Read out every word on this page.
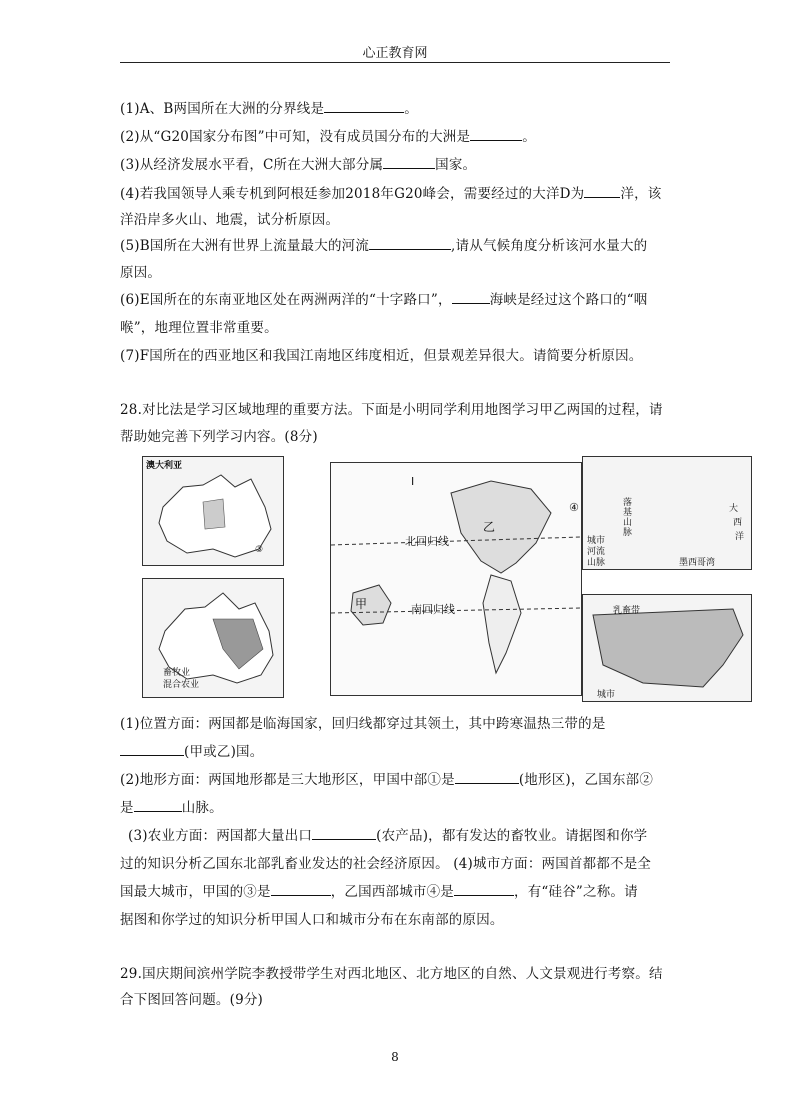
心正教育网
(1)A、B两国所在大洲的分界线是	。
(2)从“G20国家分布图”中可知，没有成员国分布的大洲是	。
(3)从经济发展水平看，C所在大洲大部分属	国家。
(4)若我国领导人乘专机到阿根廷参加2018年G20峰会，需要经过的大洋D为	洋，该
洋沿岸多火山、地震，试分析原因。
(5)B国所在大洲有世界上流量最大的河流	,请从气候角度分析该河水量大的
原因。
(6)E国所在的东南亚地区处在两洲两洋的“十字路口”，	海峡是经过这个路口的“咽
喉”，地理位置非常重要。
(7)F国所在的西亚地区和我国江南地区纬度相近，但景观差异很大。请简要分析原因。
28.对比法是学习区域地理的重要方法。下面是小明同学利用地图学习甲乙两国的过程，请
帮助她完善下列学习内容。(8分)
澳大利亚
③
畜牧业
混合农业
北回归线
南回归线
甲
乙
I
④	落
基
山
脉
大
西
洋
墨西哥湾
城市
河流
山脉
乳畜带
城市
(1)位置方面：两国都是临海国家，回归线都穿过其领土，其中跨寒温热三带的是
(甲或乙)国。
(2)地形方面：两国地形都是三大地形区，甲国中部①是	(地形区)，乙国东部②
是	山脉。
(3)农业方面：两国都大量出口	(农产品)，都有发达的畜牧业。请据图和你学
过的知识分析乙国东北部乳畜业发达的社会经济原因。 (4)城市方面：两国首都都不是全
国最大城市，甲国的③是	，乙国西部城市④是	，有“硅谷”之称。请
据图和你学过的知识分析甲国人口和城市分布在东南部的原因。
29.国庆期间滨州学院李教授带学生对西北地区、北方地区的自然、人文景观进行考察。结
合下图回答问题。(9分)
8
